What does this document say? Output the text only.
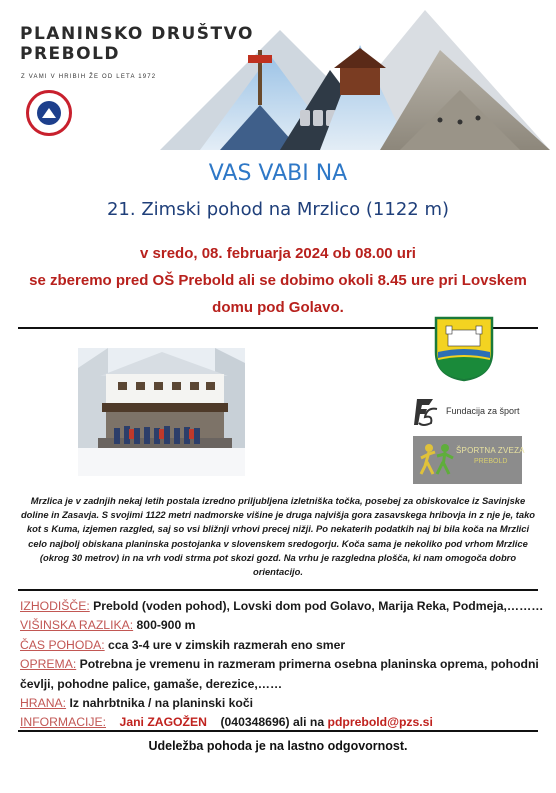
PLANINSKO DRUŠTVO
PREBOLD
Z VAMI V HRIBIH ŽE OD LETA 1972
VAS VABI NA
21. Zimski pohod na Mrzlico (1122 m)
v sredo, 08. februarja 2024 ob 08.00 uri
se zberemo pred OŠ Prebold ali se dobimo okoli 8.45 ure pri Lovskem
domu pod Golavo.
Fundacija za šport
ŠPORTNA ZVEZA
PREBOLD
Mrzlica je v zadnjih nekaj letih postala izredno priljubljena izletniška točka, posebej za obiskovalce iz Savinjske doline in Zasavja. S svojimi 1122 metri nadmorske višine je druga najvišja gora zasavskega hribovja in z nje je, tako kot s Kuma, izjemen razgled, saj so vsi bližnji vrhovi precej nižji. Po nekaterih podatkih naj bi bila koča na Mrzlici celo najbolj obiskana planinska postojanka v slovenskem sredogorju. Koča sama je nekoliko pod vrhom Mrzlice (okrog 30 metrov) in na vrh vodi strma pot skozi gozd. Na vrhu je razgledna plošča, ki nam omogoča dobro orientacijo.
IZHODIŠČE: Prebold (voden pohod), Lovski dom pod Golavo, Marija Reka, Podmeja,………
VIŠINSKA RAZLIKA: 800-900 m
ČAS POHODA: cca 3-4 ure v zimskih razmerah eno smer
OPREMA: Potrebna je vremenu in razmeram primerna osebna planinska oprema, pohodni čevlji, pohodne palice, gamaše, derezice,……
HRANA: Iz nahrbtnika / na planinski koči
INFORMACIJE: Jani ZAGOŽEN (040348696) ali na pdprebold@pzs.si
Udeležba pohoda je na lastno odgovornost.
